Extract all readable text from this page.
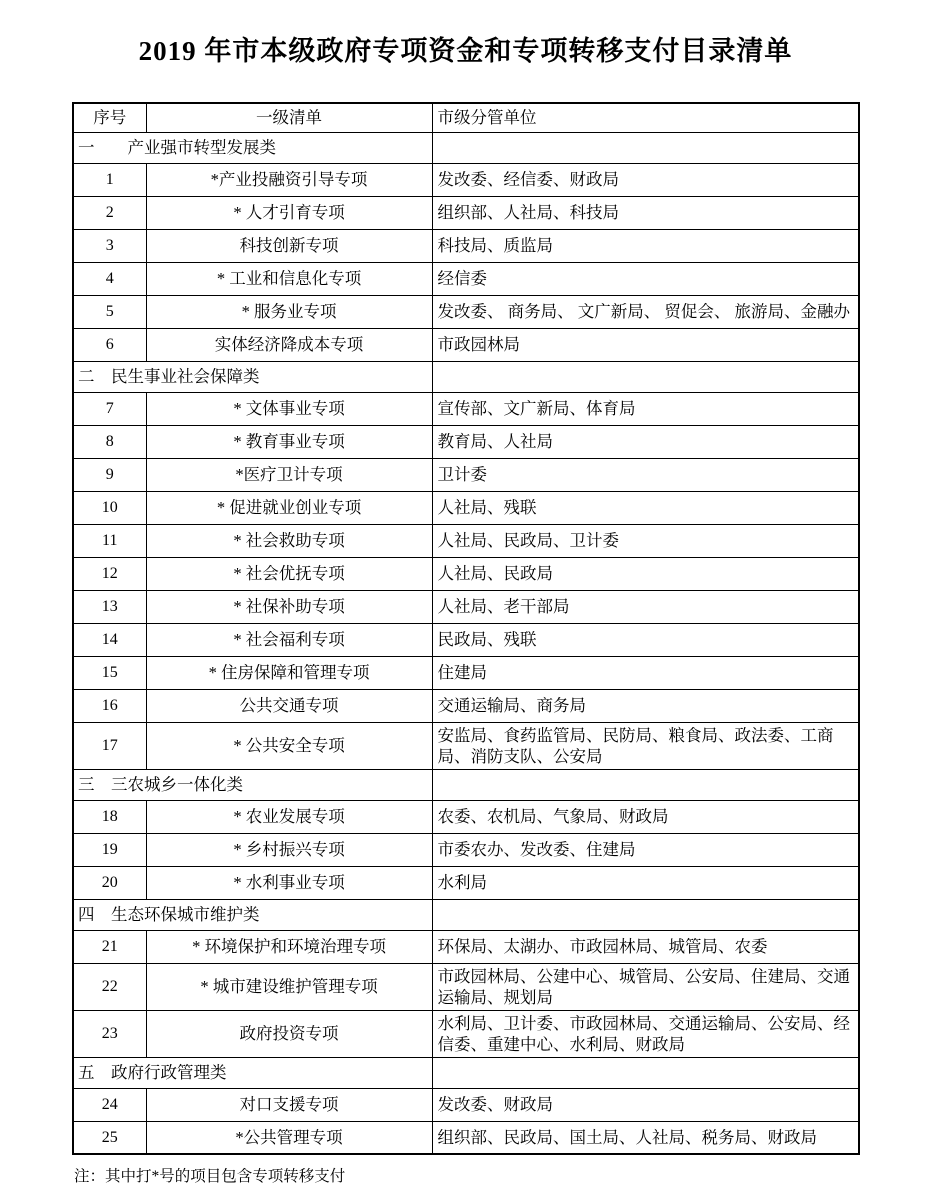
2019 年市本级政府专项资金和专项转移支付目录清单
序号	一级清单	市级分管单位
一　　产业强市转型发展类		
1	*产业投融资引导专项	发改委、经信委、财政局
2	* 人才引育专项	组织部、人社局、科技局
3	科技创新专项	科技局、质监局
4	* 工业和信息化专项	经信委
5	* 服务业专项	发改委、 商务局、 文广新局、 贸促会、 旅游局、金融办
6	实体经济降成本专项	市政园林局
二　民生事业社会保障类		
7	* 文体事业专项	宣传部、文广新局、体育局
8	* 教育事业专项	教育局、人社局
9	*医疗卫计专项	卫计委
10	* 促进就业创业专项	人社局、残联
11	* 社会救助专项	人社局、民政局、卫计委
12	* 社会优抚专项	人社局、民政局
13	* 社保补助专项	人社局、老干部局
14	* 社会福利专项	民政局、残联
15	* 住房保障和管理专项	住建局
16	公共交通专项	交通运输局、商务局
17	* 公共安全专项	安监局、食药监管局、民防局、粮食局、政法委、工商局、消防支队、公安局
三　三农城乡一体化类		
18	* 农业发展专项	农委、农机局、气象局、财政局
19	* 乡村振兴专项	市委农办、发改委、住建局
20	* 水利事业专项	水利局
四　生态环保城市维护类		
21	* 环境保护和环境治理专项	环保局、太湖办、市政园林局、城管局、农委
22	* 城市建设维护管理专项	市政园林局、公建中心、城管局、公安局、住建局、交通运输局、规划局
23	政府投资专项	水利局、卫计委、市政园林局、交通运输局、公安局、经信委、重建中心、水利局、财政局
五　政府行政管理类		
24	对口支援专项	发改委、财政局
25	*公共管理专项	组织部、民政局、国土局、人社局、税务局、财政局
注：其中打*号的项目包含专项转移支付
